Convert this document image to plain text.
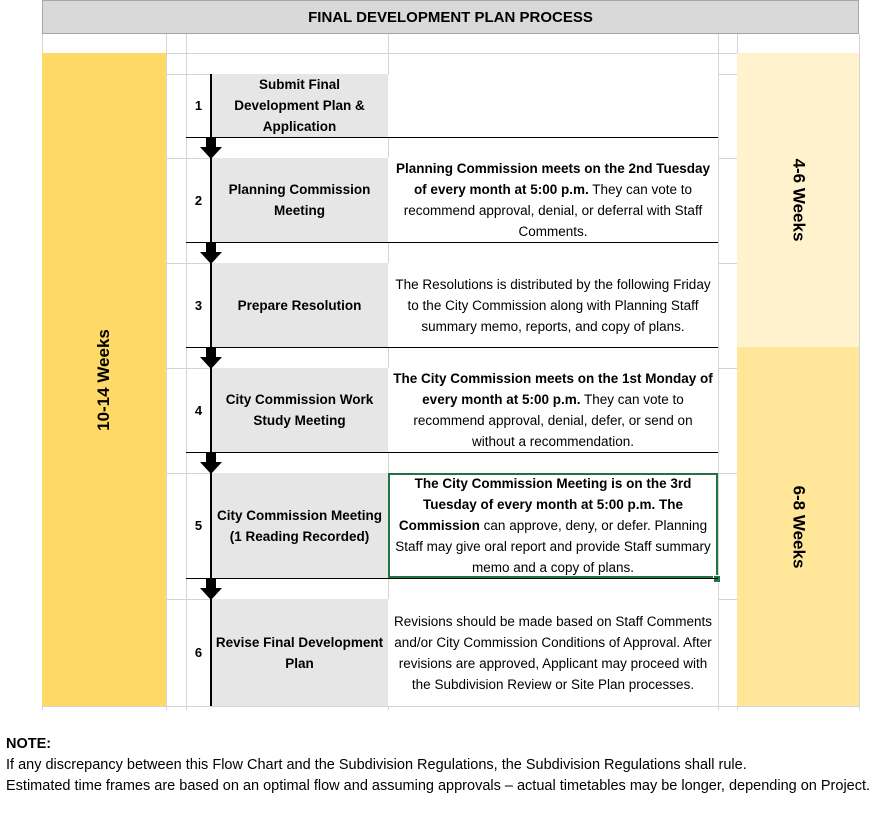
FINAL DEVELOPMENT PLAN PROCESS
10-14 Weeks
4-6 Weeks
6-8 Weeks
1
Submit Final Development Plan & Application
2
Planning Commission Meeting
Planning Commission meets on the 2nd Tuesday of every month at 5:00 p.m. They can vote to recommend approval, denial, or deferral with Staff Comments.
3	Prepare Resolution
The Resolutions is distributed by the following Friday to the City Commission along with Planning Staff summary memo, reports, and copy of plans.
4
City Commission Work Study Meeting
The City Commission meets on the 1st Monday of every month at 5:00 p.m. They can vote to recommend approval, denial, defer, or send on without a recommendation.
5
City Commission Meeting (1 Reading Recorded)
The City Commission Meeting is on the 3rd Tuesday of every month at 5:00 p.m. The Commission can approve, deny, or defer. Planning Staff may give oral report and provide Staff summary memo and a copy of plans.
6
Revise Final Development Plan
Revisions should be made based on Staff Comments and/or City Commission Conditions of Approval. After revisions are approved, Applicant may proceed with the Subdivision Review or Site Plan processes.
NOTE:
If any discrepancy between this Flow Chart and the Subdivision Regulations, the Subdivision Regulations shall rule.
Estimated time frames are based on an optimal flow and assuming approvals – actual timetables may be longer, depending on Project.
